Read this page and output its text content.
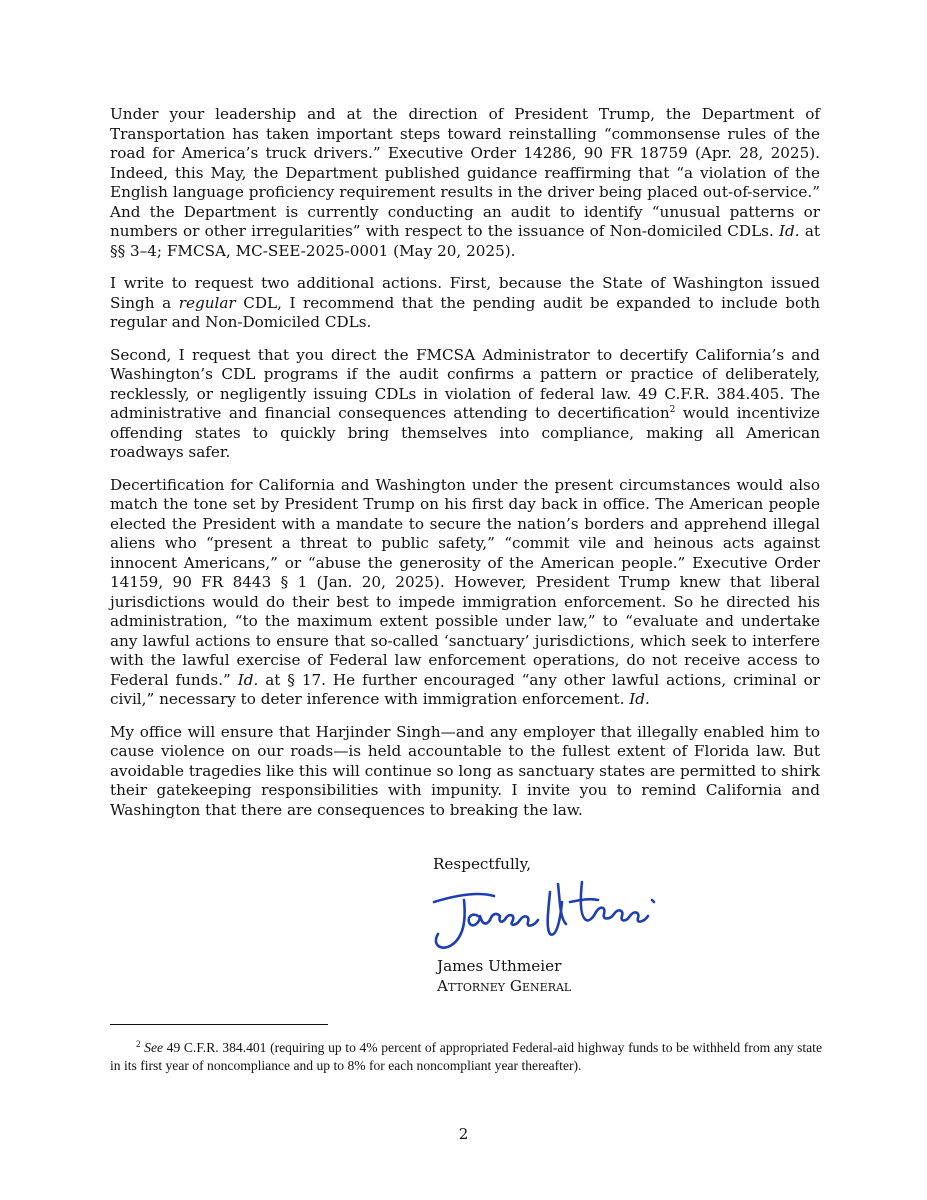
Under your leadership and at the direction of President Trump, the Department of Transportation has taken important steps toward reinstalling “commonsense rules of the road for America’s truck drivers.” Executive Order 14286, 90 FR 18759 (Apr. 28, 2025). Indeed, this May, the Department published guidance reaffirming that “a violation of the English language proficiency requirement results in the driver being placed out-of-service.” And the Department is currently conducting an audit to identify “unusual patterns or numbers or other irregularities” with respect to the issuance of Non-domiciled CDLs. Id. at §§ 3–4; FMCSA, MC-SEE-2025-0001 (May 20, 2025).

I write to request two additional actions. First, because the State of Washington issued Singh a regular CDL, I recommend that the pending audit be expanded to include both regular and Non-Domiciled CDLs.

Second, I request that you direct the FMCSA Administrator to decertify California’s and Washington’s CDL programs if the audit confirms a pattern or practice of deliberately, recklessly, or negligently issuing CDLs in violation of federal law. 49 C.F.R. 384.405. The administrative and financial consequences attending to decertification$^2$ would incentivize offending states to quickly bring themselves into compliance, making all American roadways safer.

Decertification for California and Washington under the present circumstances would also match the tone set by President Trump on his first day back in office. The American people elected the President with a mandate to secure the nation’s borders and apprehend illegal aliens who “present a threat to public safety,” “commit vile and heinous acts against innocent Americans,” or “abuse the generosity of the American people.” Executive Order 14159, 90 FR 8443 § 1 (Jan. 20, 2025). However, President Trump knew that liberal jurisdictions would do their best to impede immigration enforcement. So he directed his administration, “to the maximum extent possible under law,” to “evaluate and undertake any lawful actions to ensure that so-called ‘sanctuary’ jurisdictions, which seek to interfere with the lawful exercise of Federal law enforcement operations, do not receive access to Federal funds.” Id. at § 17. He further encouraged “any other lawful actions, criminal or civil,” necessary to deter inference with immigration enforcement. Id.

My office will ensure that Harjinder Singh—and any employer that illegally enabled him to cause violence on our roads—is held accountable to the fullest extent of Florida law. But avoidable tragedies like this will continue so long as sanctuary states are permitted to shirk their gatekeeping responsibilities with impunity. I invite you to remind California and Washington that there are consequences to breaking the law.

Respectfully,
James Uthmeier
Attorney General
$^2$ See 49 C.F.R. 384.401 (requiring up to 4% percent of appropriated Federal-aid highway funds to be withheld from any state in its first year of noncompliance and up to 8% for each noncompliant year thereafter).
2
